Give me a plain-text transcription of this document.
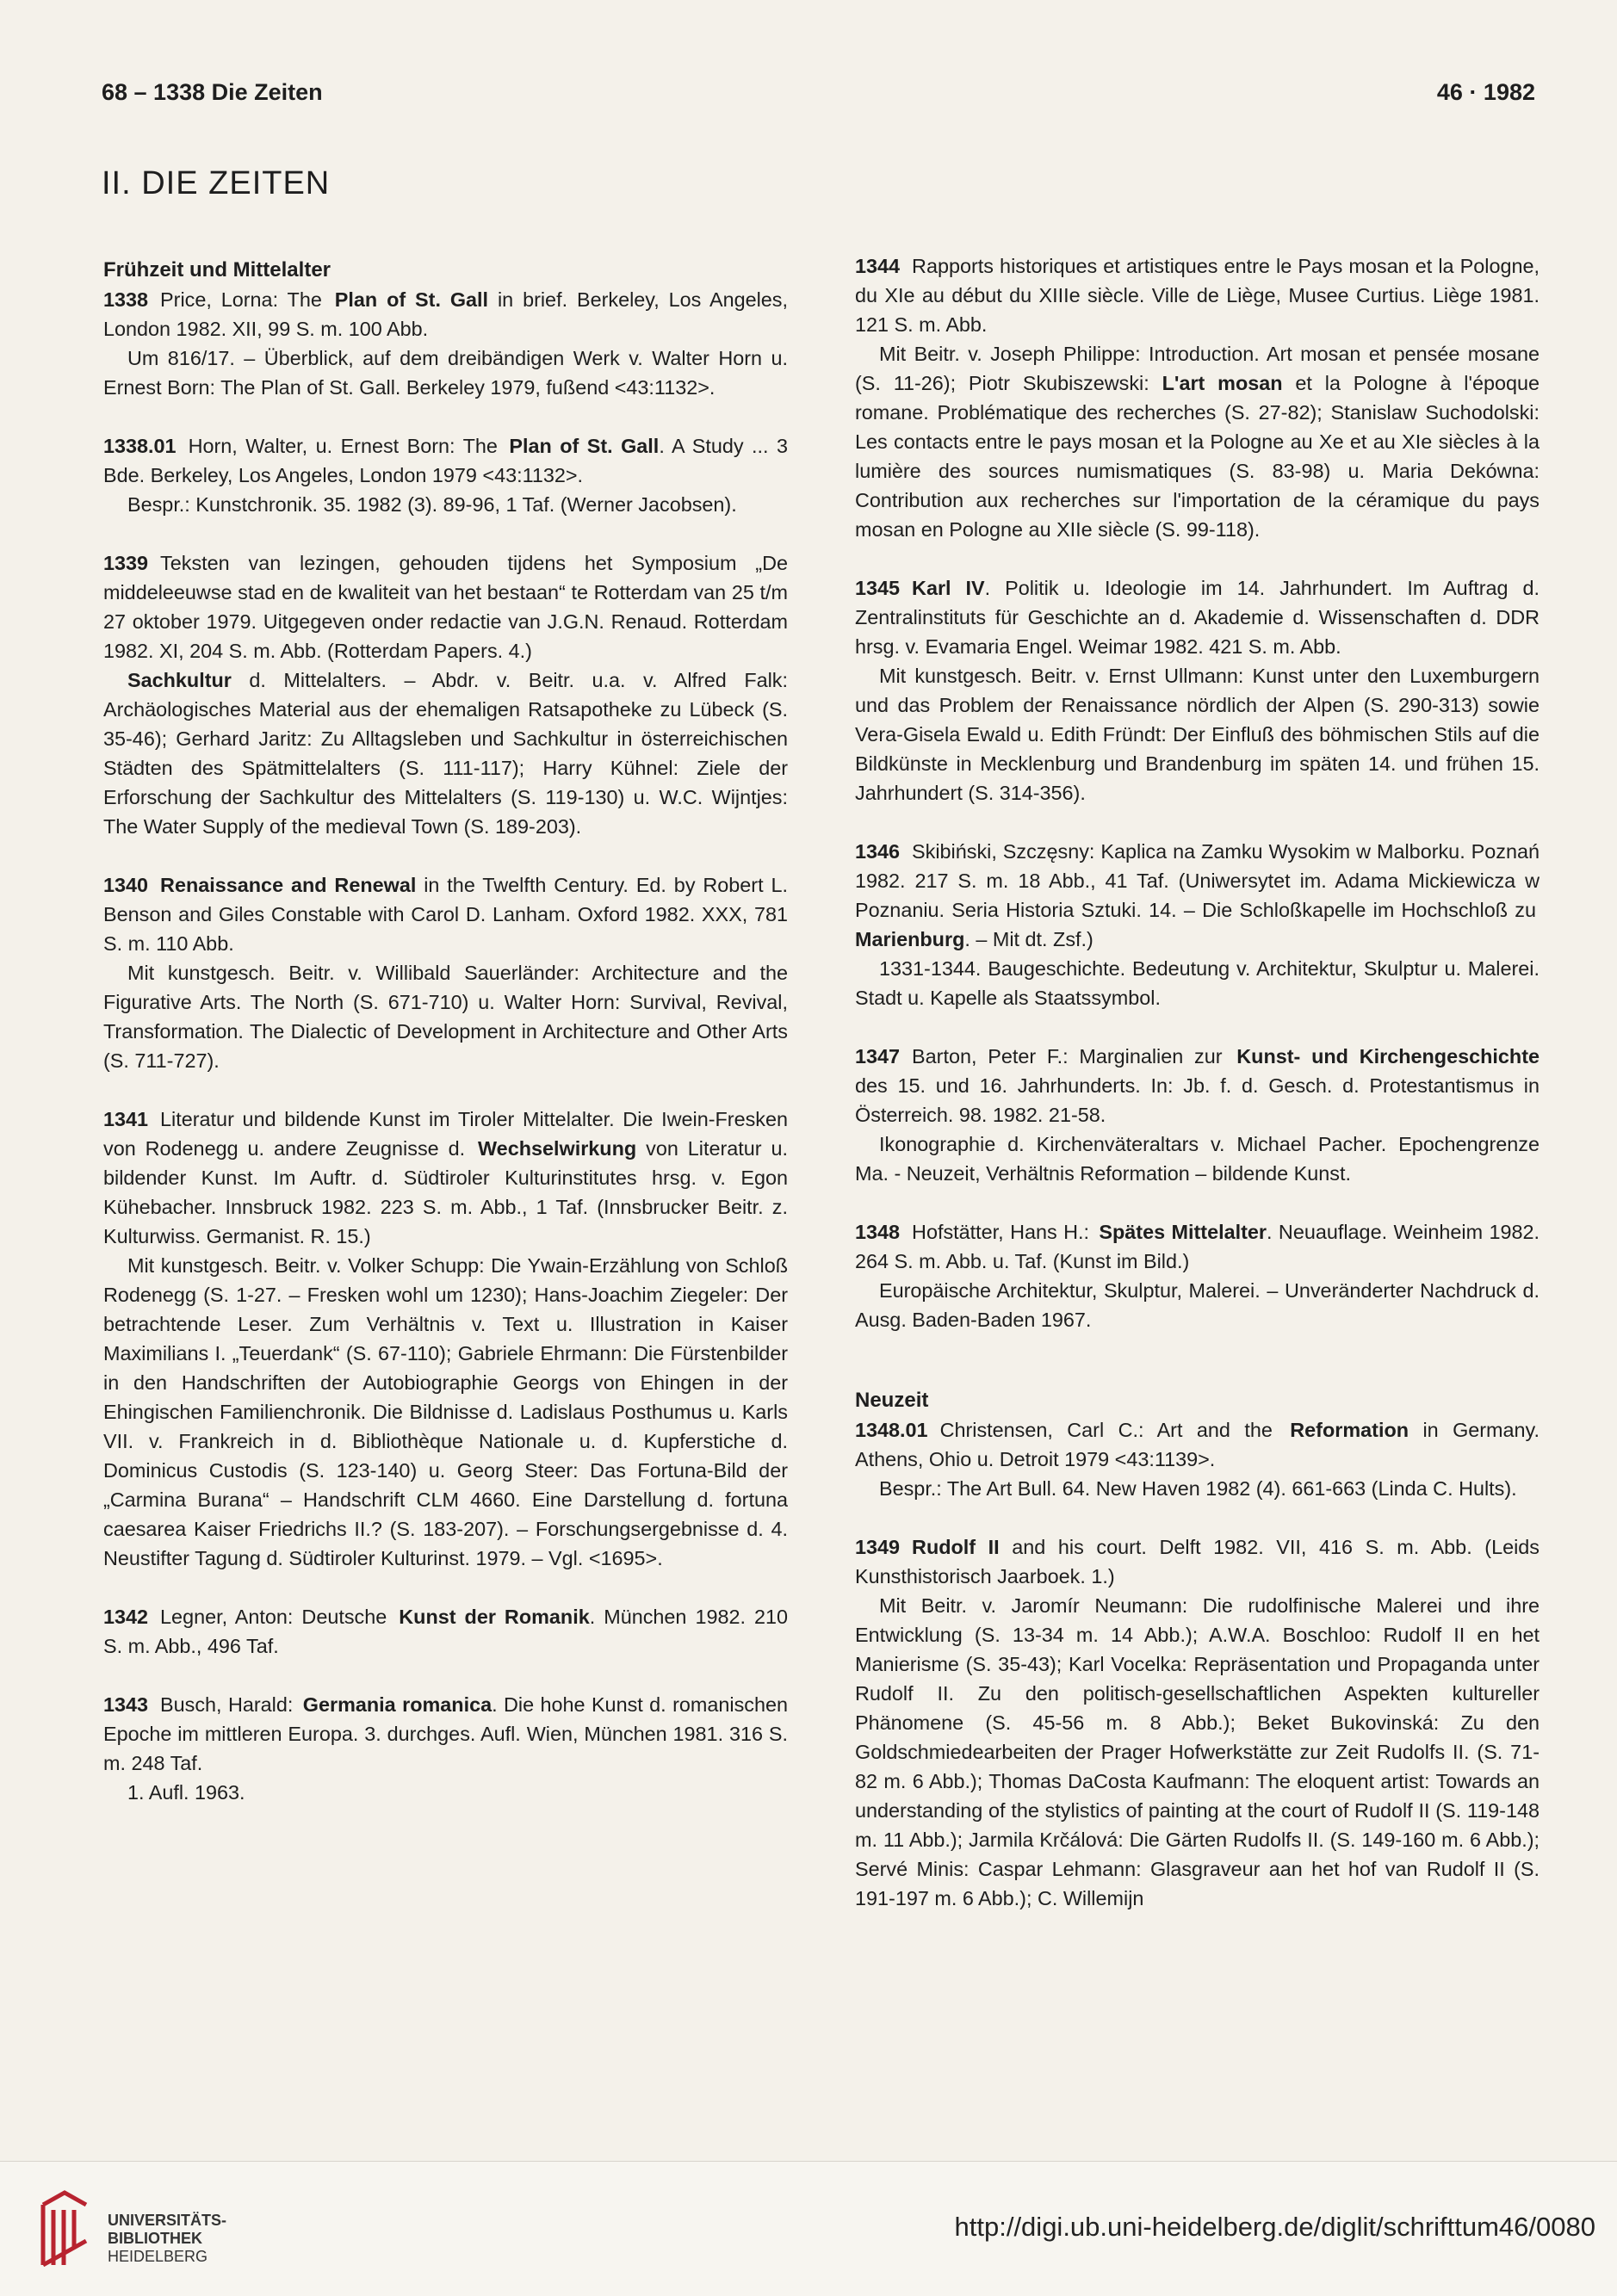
68 – 1338 Die Zeiten	46 · 1982
II. DIE ZEITEN

Frühzeit und Mittelalter

1338 Price, Lorna: The Plan of St. Gall in brief. Berkeley, Los Angeles, London 1982. XII, 99 S. m. 100 Abb.

Um 816/17. – Überblick, auf dem dreibändigen Werk v. Walter Horn u. Ernest Born: The Plan of St. Gall. Berkeley 1979, fußend <43:1132>.

1338.01 Horn, Walter, u. Ernest Born: The Plan of St. Gall. A Study ... 3 Bde. Berkeley, Los Angeles, London 1979 <43:1132>.

Bespr.: Kunstchronik. 35. 1982 (3). 89-96, 1 Taf. (Werner Jacobsen).

1339 Teksten van lezingen, gehouden tijdens het Symposium „De middeleeuwse stad en de kwaliteit van het bestaan“ te Rotterdam van 25 t/m 27 oktober 1979. Uitgegeven onder redactie van J.G.N. Renaud. Rotterdam 1982. XI, 204 S. m. Abb. (Rotterdam Papers. 4.)

Sachkultur d. Mittelalters. – Abdr. v. Beitr. u.a. v. Alfred Falk: Archäologisches Material aus der ehemaligen Ratsapotheke zu Lübeck (S. 35-46); Gerhard Jaritz: Zu Alltagsleben und Sachkultur in österreichischen Städten des Spätmittelalters (S. 111-117); Harry Kühnel: Ziele der Erforschung der Sachkultur des Mittelalters (S. 119-130) u. W.C. Wijntjes: The Water Supply of the medieval Town (S. 189-203).

1340 Renaissance and Renewal in the Twelfth Century. Ed. by Robert L. Benson and Giles Constable with Carol D. Lanham. Oxford 1982. XXX, 781 S. m. 110 Abb.

Mit kunstgesch. Beitr. v. Willibald Sauerländer: Architecture and the Figurative Arts. The North (S. 671-710) u. Walter Horn: Survival, Revival, Transformation. The Dialectic of Development in Architecture and Other Arts (S. 711-727).

1341 Literatur und bildende Kunst im Tiroler Mittelalter. Die Iwein-Fresken von Rodenegg u. andere Zeugnisse d. Wechselwirkung von Literatur u. bildender Kunst. Im Auftr. d. Südtiroler Kulturinstitutes hrsg. v. Egon Kühebacher. Innsbruck 1982. 223 S. m. Abb., 1 Taf. (Innsbrucker Beitr. z. Kulturwiss. Germanist. R. 15.)

Mit kunstgesch. Beitr. v. Volker Schupp: Die Ywain-Erzählung von Schloß Rodenegg (S. 1-27. – Fresken wohl um 1230); Hans-Joachim Ziegeler: Der betrachtende Leser. Zum Verhältnis v. Text u. Illustration in Kaiser Maximilians I. „Teuerdank“ (S. 67-110); Gabriele Ehrmann: Die Fürstenbilder in den Handschriften der Autobiographie Georgs von Ehingen in der Ehingischen Familienchronik. Die Bildnisse d. Ladislaus Posthumus u. Karls VII. v. Frankreich in d. Bibliothèque Nationale u. d. Kupferstiche d. Dominicus Custodis (S. 123-140) u. Georg Steer: Das Fortuna-Bild der „Carmina Burana“ – Handschrift CLM 4660. Eine Darstellung d. fortuna caesarea Kaiser Friedrichs II.? (S. 183-207). – Forschungsergebnisse d. 4. Neustifter Tagung d. Südtiroler Kulturinst. 1979. – Vgl. <1695>.

1342 Legner, Anton: Deutsche Kunst der Romanik. München 1982. 210 S. m. Abb., 496 Taf.

1343 Busch, Harald: Germania romanica. Die hohe Kunst d. romanischen Epoche im mittleren Europa. 3. durchges. Aufl. Wien, München 1981. 316 S. m. 248 Taf.

1. Aufl. 1963.

1344 Rapports historiques et artistiques entre le Pays mosan et la Pologne, du XIe au début du XIIIe siècle. Ville de Liège, Musee Curtius. Liège 1981. 121 S. m. Abb.

Mit Beitr. v. Joseph Philippe: Introduction. Art mosan et pensée mosane (S. 11-26); Piotr Skubiszewski: L'art mosan et la Pologne à l'époque romane. Problématique des recherches (S. 27-82); Stanislaw Suchodolski: Les contacts entre le pays mosan et la Pologne au Xe et au XIe siècles à la lumière des sources numismatiques (S. 83-98) u. Maria Dekówna: Contribution aux recherches sur l'importation de la céramique du pays mosan en Pologne au XIIe siècle (S. 99-118).

1345 Karl IV. Politik u. Ideologie im 14. Jahrhundert. Im Auftrag d. Zentralinstituts für Geschichte an d. Akademie d. Wissenschaften d. DDR hrsg. v. Evamaria Engel. Weimar 1982. 421 S. m. Abb.

Mit kunstgesch. Beitr. v. Ernst Ullmann: Kunst unter den Luxemburgern und das Problem der Renaissance nördlich der Alpen (S. 290-313) sowie Vera-Gisela Ewald u. Edith Fründt: Der Einfluß des böhmischen Stils auf die Bildkünste in Mecklenburg und Brandenburg im späten 14. und frühen 15. Jahrhundert (S. 314-356).

1346 Skibiński, Szczęsny: Kaplica na Zamku Wysokim w Malborku. Poznań 1982. 217 S. m. 18 Abb., 41 Taf. (Uniwersytet im. Adama Mickiewicza w Poznaniu. Seria Historia Sztuki. 14. – Die Schloßkapelle im Hochschloß zu Marienburg. – Mit dt. Zsf.)

1331-1344. Baugeschichte. Bedeutung v. Architektur, Skulptur u. Malerei. Stadt u. Kapelle als Staatssymbol.

1347 Barton, Peter F.: Marginalien zur Kunst- und Kirchengeschichte des 15. und 16. Jahrhunderts. In: Jb. f. d. Gesch. d. Protestantismus in Österreich. 98. 1982. 21-58.

Ikonographie d. Kirchenväteraltars v. Michael Pacher. Epochengrenze Ma. - Neuzeit, Verhältnis Reformation – bildende Kunst.

1348 Hofstätter, Hans H.: Spätes Mittelalter. Neuauflage. Weinheim 1982. 264 S. m. Abb. u. Taf. (Kunst im Bild.)

Europäische Architektur, Skulptur, Malerei. – Unveränderter Nachdruck d. Ausg. Baden-Baden 1967.

Neuzeit

1348.01 Christensen, Carl C.: Art and the Reformation in Germany. Athens, Ohio u. Detroit 1979 <43:1139>.

Bespr.: The Art Bull. 64. New Haven 1982 (4). 661-663 (Linda C. Hults).

1349 Rudolf II and his court. Delft 1982. VII, 416 S. m. Abb. (Leids Kunsthistorisch Jaarboek. 1.)

Mit Beitr. v. Jaromír Neumann: Die rudolfinische Malerei und ihre Entwicklung (S. 13-34 m. 14 Abb.); A.W.A. Boschloo: Rudolf II en het Manierisme (S. 35-43); Karl Vocelka: Repräsentation und Propaganda unter Rudolf II. Zu den politisch-gesellschaftlichen Aspekten kultureller Phänomene (S. 45-56 m. 8 Abb.); Beket Bukovinská: Zu den Goldschmiedearbeiten der Prager Hofwerkstätte zur Zeit Rudolfs II. (S. 71-82 m. 6 Abb.); Thomas DaCosta Kaufmann: The eloquent artist: Towards an understanding of the stylistics of painting at the court of Rudolf II (S. 119-148 m. 11 Abb.); Jarmila Krčálová: Die Gärten Rudolfs II. (S. 149-160 m. 6 Abb.); Servé Minis: Caspar Lehmann: Glasgraveur aan het hof van Rudolf II (S. 191-197 m. 6 Abb.); C. Willemijn

UNIVERSITÄTS-
BIBLIOTHEK
HEIDELBERG
http://digi.ub.uni-heidelberg.de/diglit/schrifttum46/0080
